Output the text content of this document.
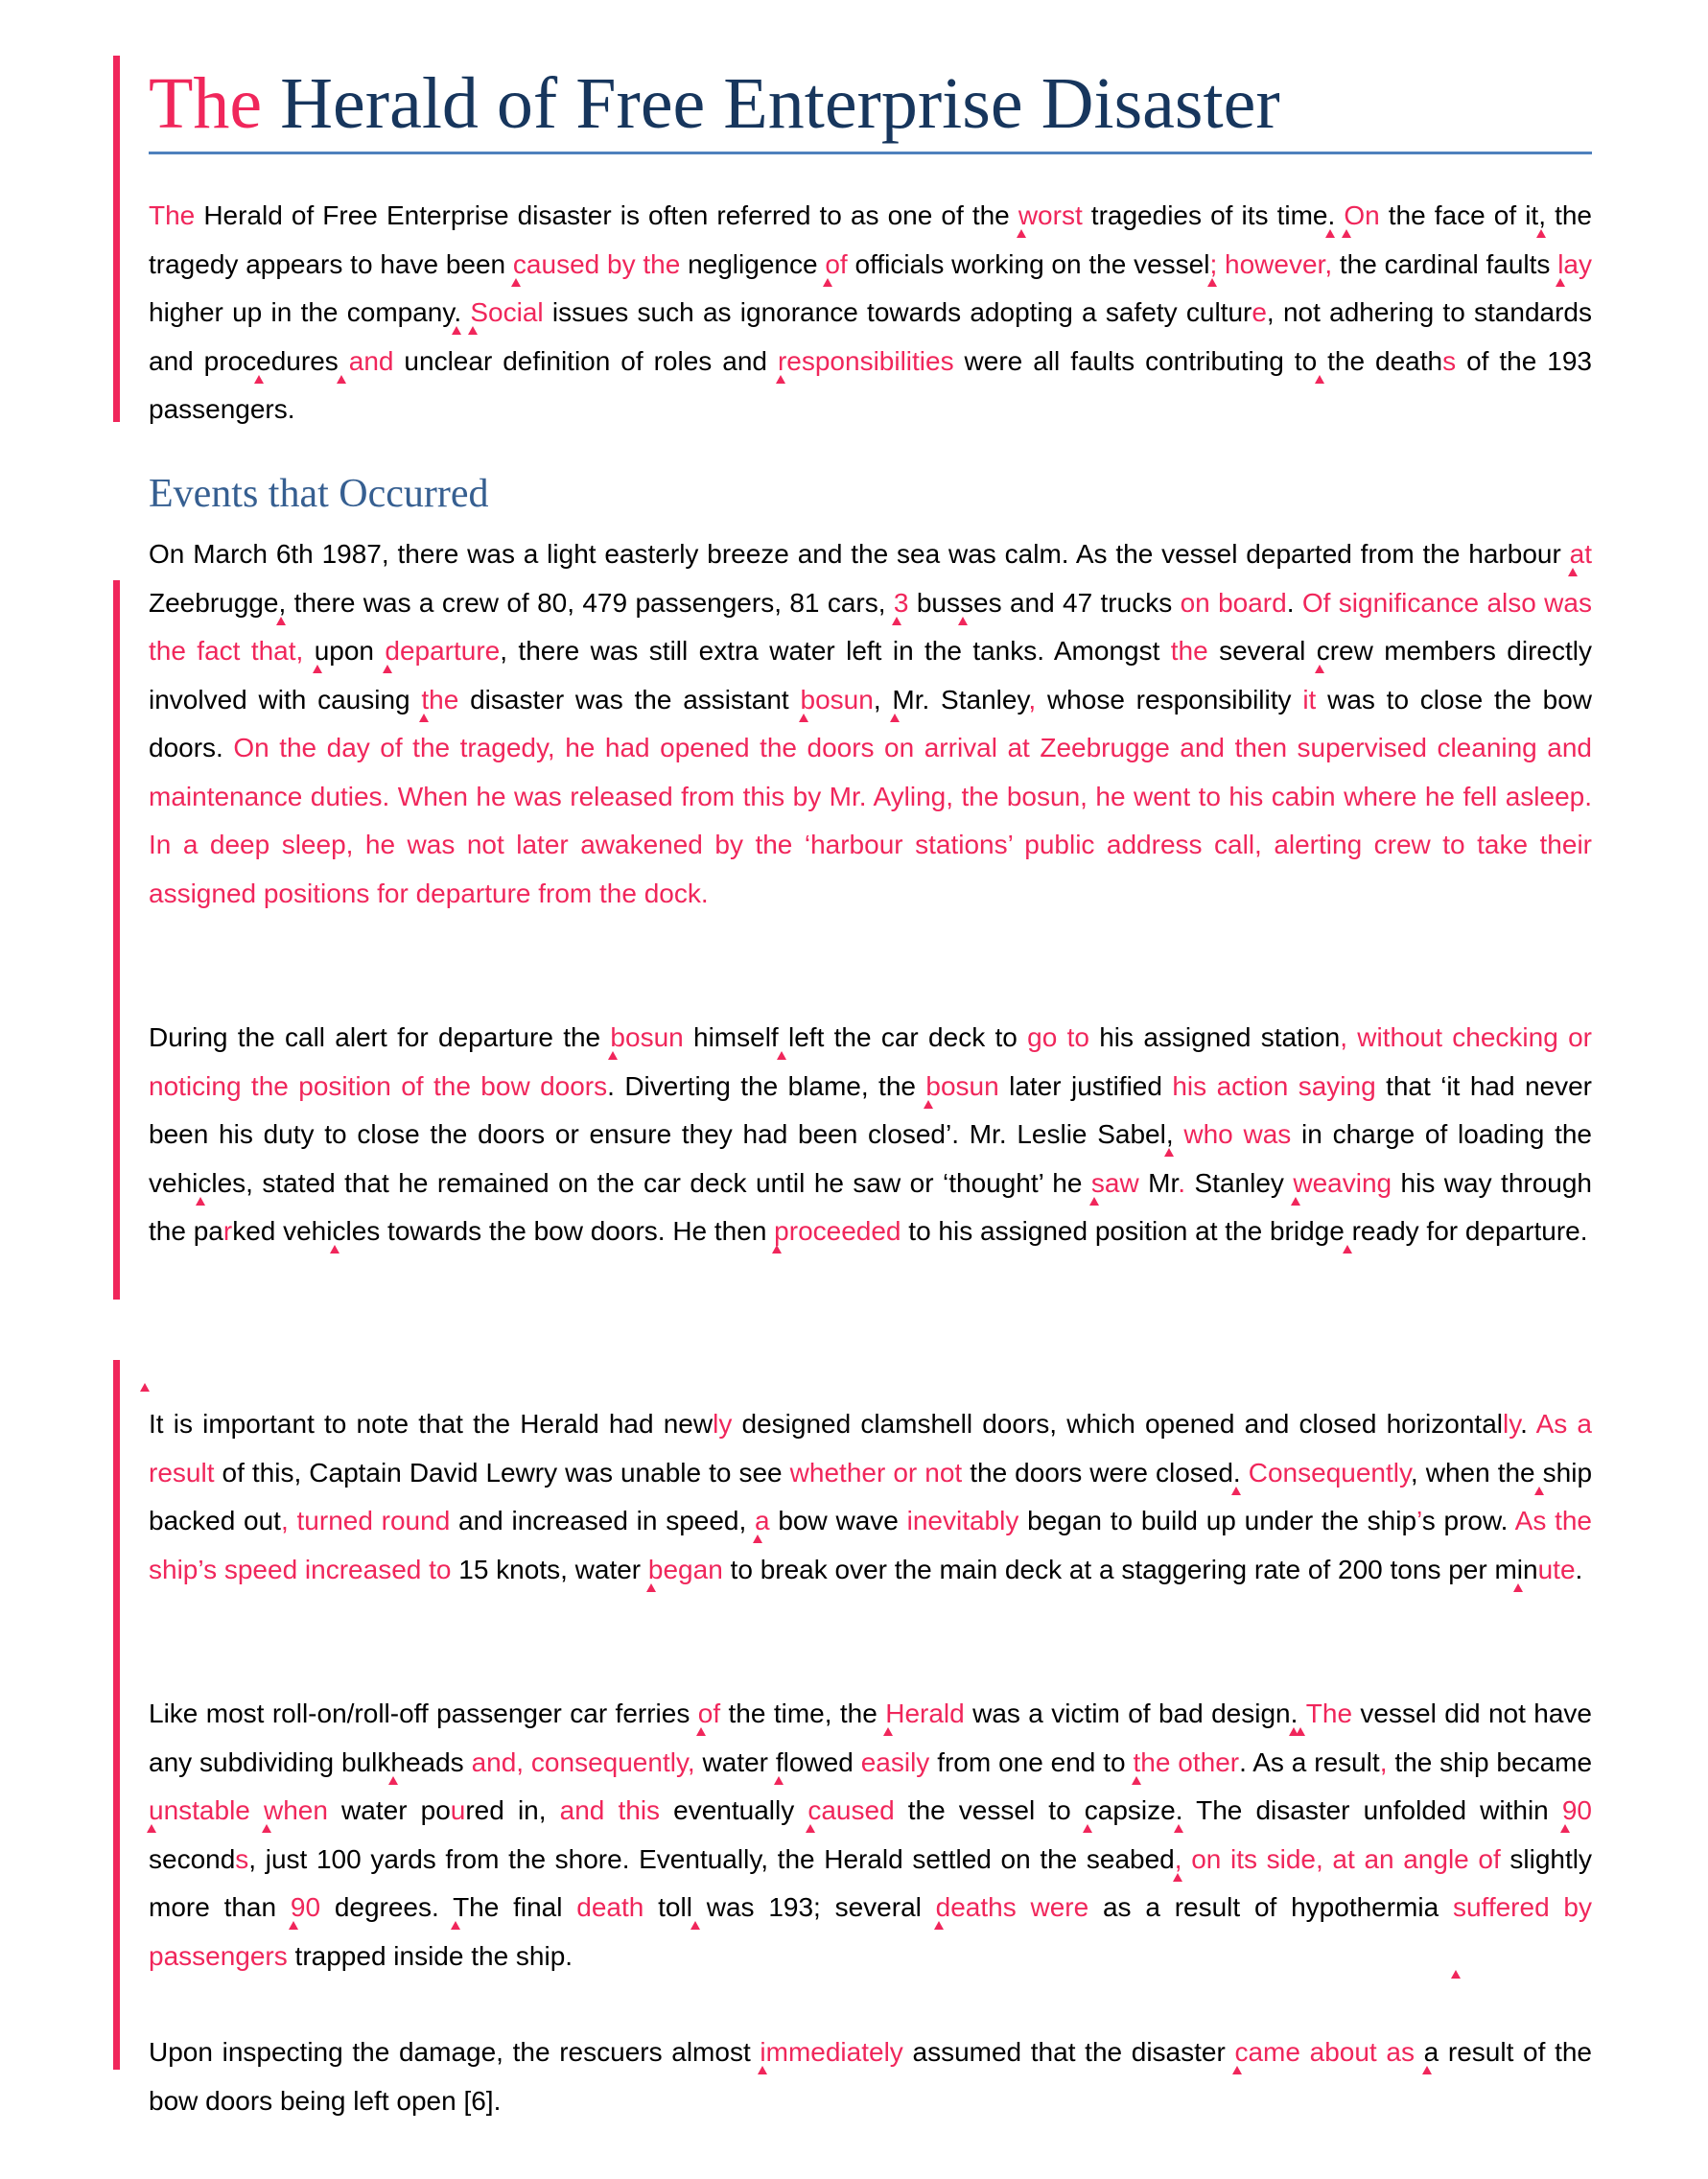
The Herald of Free Enterprise Disaster
The Herald of Free Enterprise disaster is often referred to as one of the worst tragedies of its time. On the face of it, the tragedy appears to have been caused by the negligence of officials working on the vessel; however, the cardinal faults lay higher up in the company. Social issues such as ignorance towards adopting a safety culture, not adhering to standards and procedures and unclear definition of roles and responsibilities were all faults contributing to the deaths of the 193 passengers.
Events that Occurred
On March 6th 1987, there was a light easterly breeze and the sea was calm. As the vessel departed from the harbour at Zeebrugge, there was a crew of 80, 479 passengers, 81 cars, 3 busses and 47 trucks on board. Of significance also was the fact that, upon departure, there was still extra water left in the tanks. Amongst the several crew members directly involved with causing the disaster was the assistant bosun, Mr. Stanley, whose responsibility it was to close the bow doors. On the day of the tragedy, he had opened the doors on arrival at Zeebrugge and then supervised cleaning and maintenance duties. When he was released from this by Mr. Ayling, the bosun, he went to his cabin where he fell asleep. In a deep sleep, he was not later awakened by the ‘harbour stations’ public address call, alerting crew to take their assigned positions for departure from the dock.
During the call alert for departure the bosun himself left the car deck to go to his assigned station, without checking or noticing the position of the bow doors. Diverting the blame, the bosun later justified his action saying that ‘it had never been his duty to close the doors or ensure they had been closed’. Mr. Leslie Sabel, who was in charge of loading the vehicles, stated that he remained on the car deck until he saw or ‘thought’ he saw Mr. Stanley weaving his way through the parked vehicles towards the bow doors. He then proceeded to his assigned position at the bridge ready for departure.
It is important to note that the Herald had newly designed clamshell doors, which opened and closed horizontally. As a result of this, Captain David Lewry was unable to see whether or not the doors were closed. Consequently, when the ship backed out, turned round and increased in speed, a bow wave inevitably began to build up under the ship’s prow. As the ship’s speed increased to 15 knots, water began to break over the main deck at a staggering rate of 200 tons per minute.
Like most roll-on/roll-off passenger car ferries of the time, the Herald was a victim of bad design. The vessel did not have any subdividing bulkheads and, consequently, water flowed easily from one end to the other. As a result, the ship became unstable when water poured in, and this eventually caused the vessel to capsize. The disaster unfolded within 90 seconds, just 100 yards from the shore. Eventually, the Herald settled on the seabed, on its side, at an angle of slightly more than 90 degrees. The final death toll was 193; several deaths were as a result of hypothermia suffered by passengers trapped inside the ship.
Upon inspecting the damage, the rescuers almost immediately assumed that the disaster came about as a result of the bow doors being left open [6].
